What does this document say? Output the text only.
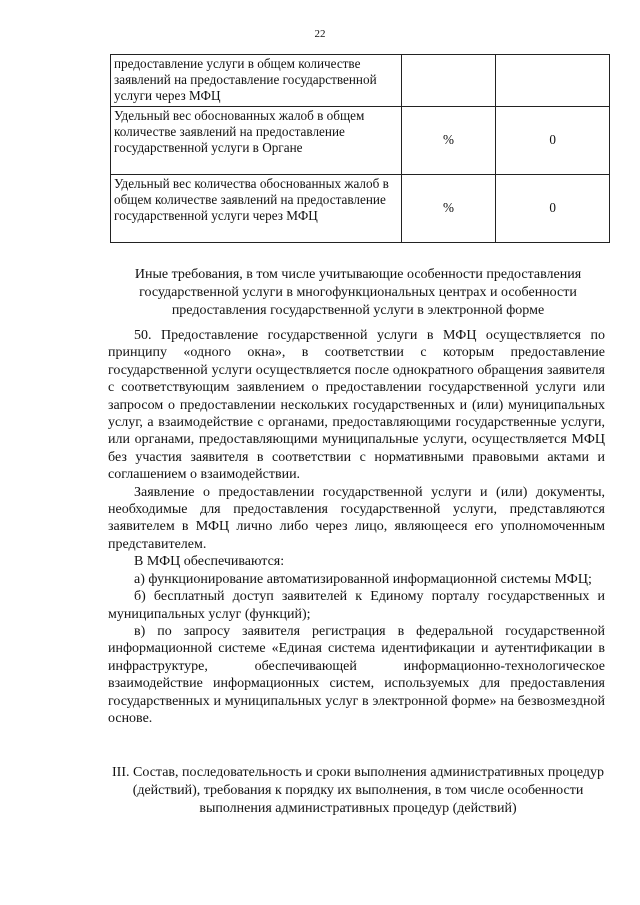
22
предоставление услуги в общем количестве заявлений на предоставление государственной услуги через МФЦ		
Удельный вес обоснованных жалоб в общем количестве заявлений на предоставление государственной услуги в Органе	%	0
Удельный вес количества обоснованных жалоб в общем количестве заявлений на предоставление государственной услуги через МФЦ	%	0
Иные требования, в том числе учитывающие особенности предоставления государственной услуги в многофункциональных центрах и особенности предоставления государственной услуги в электронной форме

50. Предоставление государственной услуги в МФЦ осуществляется по принципу «одного окна», в соответствии с которым предоставление государственной услуги осуществляется после однократного обращения заявителя с соответствующим заявлением о предоставлении государственной услуги или запросом о предоставлении нескольких государственных и (или) муниципальных услуг, а взаимодействие с органами, предоставляющими государственные услуги, или органами, предоставляющими муниципальные услуги, осуществляется МФЦ без участия заявителя в соответствии с нормативными правовыми актами и соглашением о взаимодействии.

Заявление о предоставлении государственной услуги и (или) документы, необходимые для предоставления государственной услуги, представляются заявителем в МФЦ лично либо через лицо, являющееся его уполномоченным представителем.

В МФЦ обеспечиваются:

а) функционирование автоматизированной информационной системы МФЦ;

б) бесплатный доступ заявителей к Единому порталу государственных и муниципальных услуг (функций);

в) по запросу заявителя регистрация в федеральной государственной информационной системе «Единая система идентификации и аутентификации в инфраструктуре, обеспечивающей информационно-технологическое взаимодействие информационных систем, используемых для предоставления государственных и муниципальных услуг в электронной форме» на безвозмездной основе.

III. Состав, последовательность и сроки выполнения административных процедур (действий), требования к порядку их выполнения, в том числе особенности выполнения административных процедур (действий)
